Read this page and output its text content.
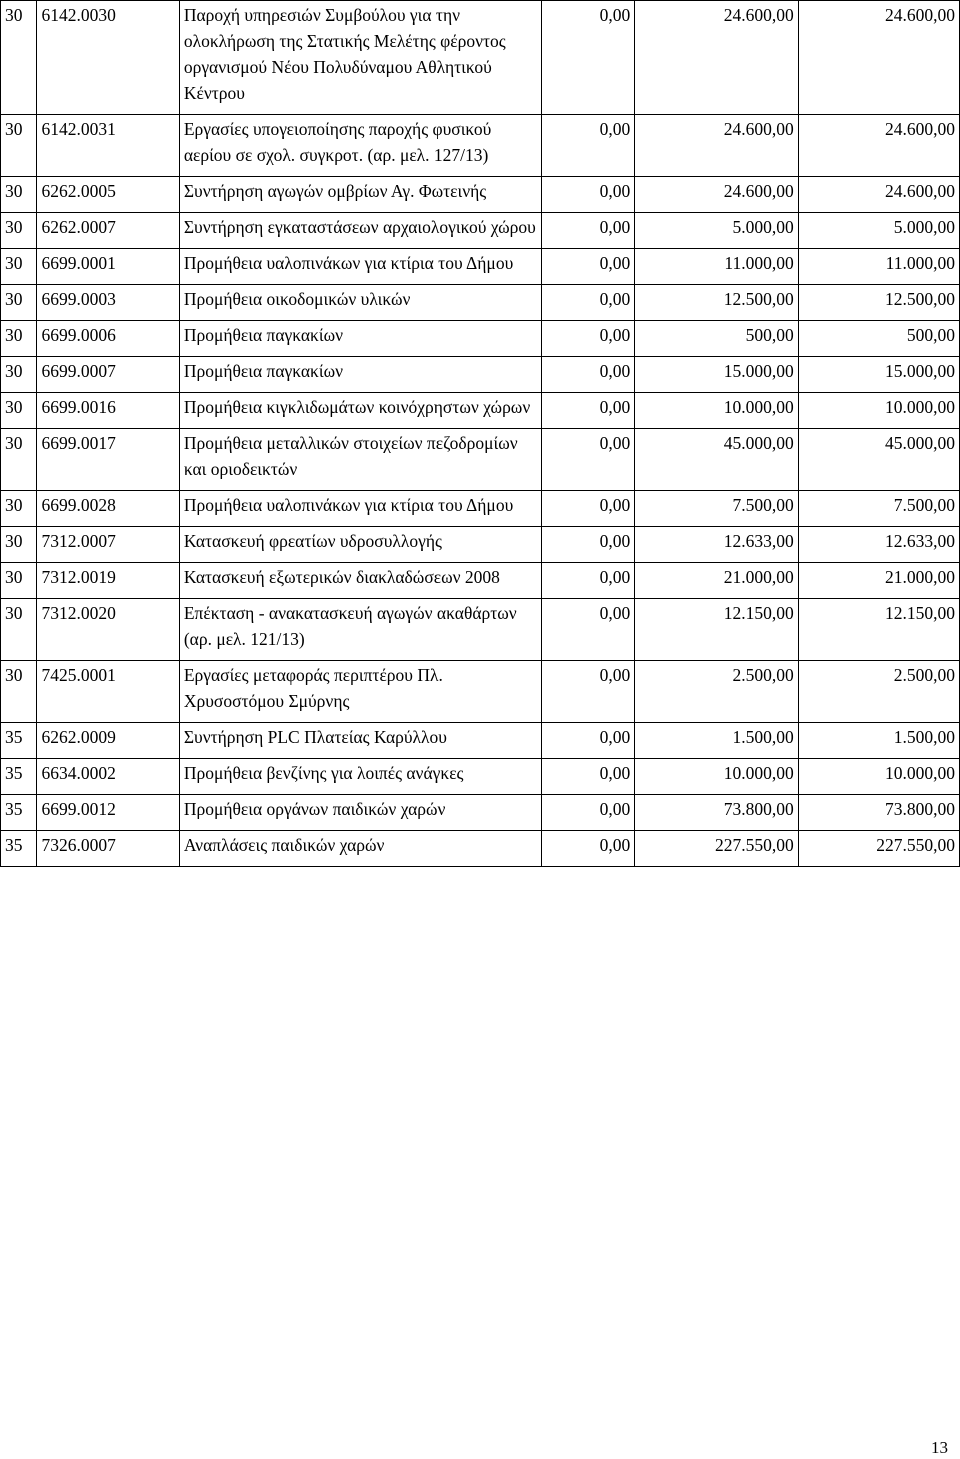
30	6142.0030	Παροχή υπηρεσιών Συμβούλου για την ολοκλήρωση της Στατικής Μελέτης φέροντος οργανισμού Νέου Πολυδύναμου Αθλητικού Κέντρου	0,00	24.600,00	24.600,00
30	6142.0031	Εργασίες υπογειοποίησης παροχής φυσικού αερίου σε σχολ. συγκροτ. (αρ. μελ. 127/13)	0,00	24.600,00	24.600,00
30	6262.0005	Συντήρηση αγωγών ομβρίων Αγ. Φωτεινής	0,00	24.600,00	24.600,00
30	6262.0007	Συντήρηση εγκαταστάσεων αρχαιολογικού χώρου	0,00	5.000,00	5.000,00
30	6699.0001	Προμήθεια υαλοπινάκων για κτίρια του Δήμου	0,00	11.000,00	11.000,00
30	6699.0003	Προμήθεια οικοδομικών υλικών	0,00	12.500,00	12.500,00
30	6699.0006	Προμήθεια παγκακίων	0,00	500,00	500,00
30	6699.0007	Προμήθεια παγκακίων	0,00	15.000,00	15.000,00
30	6699.0016	Προμήθεια κιγκλιδωμάτων κοινόχρηστων χώρων	0,00	10.000,00	10.000,00
30	6699.0017	Προμήθεια μεταλλικών στοιχείων πεζοδρομίων και οριοδεικτών	0,00	45.000,00	45.000,00
30	6699.0028	Προμήθεια υαλοπινάκων για κτίρια του Δήμου	0,00	7.500,00	7.500,00
30	7312.0007	Κατασκευή φρεατίων υδροσυλλογής	0,00	12.633,00	12.633,00
30	7312.0019	Κατασκευή εξωτερικών διακλαδώσεων 2008	0,00	21.000,00	21.000,00
30	7312.0020	Επέκταση - ανακατασκευή αγωγών ακαθάρτων (αρ. μελ. 121/13)	0,00	12.150,00	12.150,00
30	7425.0001	Εργασίες μεταφοράς περιπτέρου Πλ. Χρυσοστόμου Σμύρνης	0,00	2.500,00	2.500,00
35	6262.0009	Συντήρηση PLC Πλατείας Καρύλλου	0,00	1.500,00	1.500,00
35	6634.0002	Προμήθεια βενζίνης για λοιπές ανάγκες	0,00	10.000,00	10.000,00
35	6699.0012	Προμήθεια οργάνων παιδικών χαρών	0,00	73.800,00	73.800,00
35	7326.0007	Αναπλάσεις παιδικών χαρών	0,00	227.550,00	227.550,00
13
